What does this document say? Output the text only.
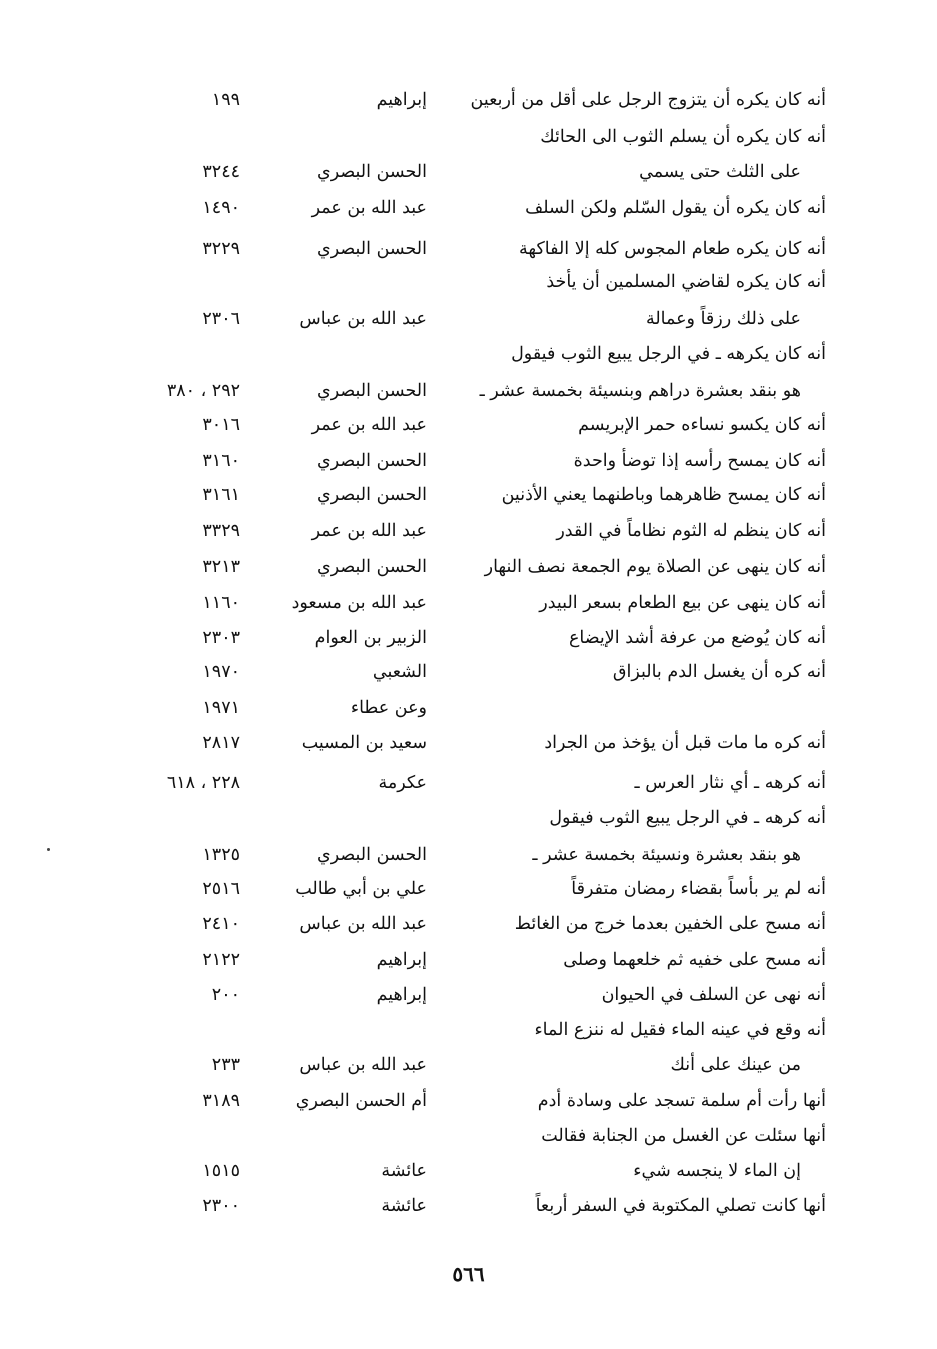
٥٦٦
أنه كان يكره أن يتزوج الرجل على أقل من أربعين
إبراهيم
١٩٩
أنه كان يكره أن يسلم الثوب الى الحائك
على الثلث حتى يسمي
الحسن البصري
٣٢٤٤
أنه كان يكره أن يقول السّلم ولكن السلف
عبد الله بن عمر
١٤٩٠
أنه كان يكره طعام المجوس كله إلا الفاكهة
الحسن البصري
٣٢٢٩
أنه كان يكره لقاضي المسلمين أن يأخذ
على ذلك رزقاً وعمالة
عبد الله بن عباس
٢٣٠٦
أنه كان يكرهه ـ في الرجل يبيع الثوب فيقول
هو بنقد بعشرة دراهم وبنسيئة بخمسة عشر ـ
الحسن البصري
٢٩٢ ، ٣٨٠
أنه كان يكسو نساءه حمر الإبريسم
عبد الله بن عمر
٣٠١٦
أنه كان يمسح رأسه إذا توضأ واحدة
الحسن البصري
٣١٦٠
أنه كان يمسح ظاهرهما وباطنهما يعني الأذنين
الحسن البصري
٣١٦١
أنه كان ينظم له الثوم نظاماً في القدر
عبد الله بن عمر
٣٣٢٩
أنه كان ينهى عن الصلاة يوم الجمعة نصف النهار
الحسن البصري
٣٢١٣
أنه كان ينهى عن بيع الطعام بسعر البيدر
عبد الله بن مسعود
١١٦٠
أنه كان يُوضع من عرفة أشد الإيضاع
الزبير بن العوام
٢٣٠٣
أنه كره أن يغسل الدم بالبزاق
الشعبي
١٩٧٠
وعن عطاء
١٩٧١
أنه كره ما مات قبل أن يؤخذ من الجراد
سعيد بن المسيب
٢٨١٧
أنه كرهه ـ أي نثار العرس ـ
عكرمة
٢٢٨ ، ٦١٨
أنه كرهه ـ في الرجل يبيع الثوب فيقول
هو بنقد بعشرة ونسيئة بخمسة عشر ـ
الحسن البصري
١٣٢٥
أنه لم ير بأساً بقضاء رمضان متفرقاً
علي بن أبي طالب
٢٥١٦
أنه مسح على الخفين بعدما خرج من الغائط
عبد الله بن عباس
٢٤١٠
أنه مسح على خفيه ثم خلعهما وصلى
إبراهيم
٢١٢٢
أنه نهى عن السلف في الحيوان
إبراهيم
٢٠٠
أنه وقع في عينه الماء فقيل له ننزع الماء
من عينك على أنك
عبد الله بن عباس
٢٣٣
أنها رأت أم سلمة تسجد على وسادة أدم
أم الحسن البصري
٣١٨٩
أنها سئلت عن الغسل من الجنابة فقالت
إن الماء لا ينجسه شيء
عائشة
١٥١٥
أنها كانت تصلي المكتوبة في السفر أربعاً
عائشة
٢٣٠٠
